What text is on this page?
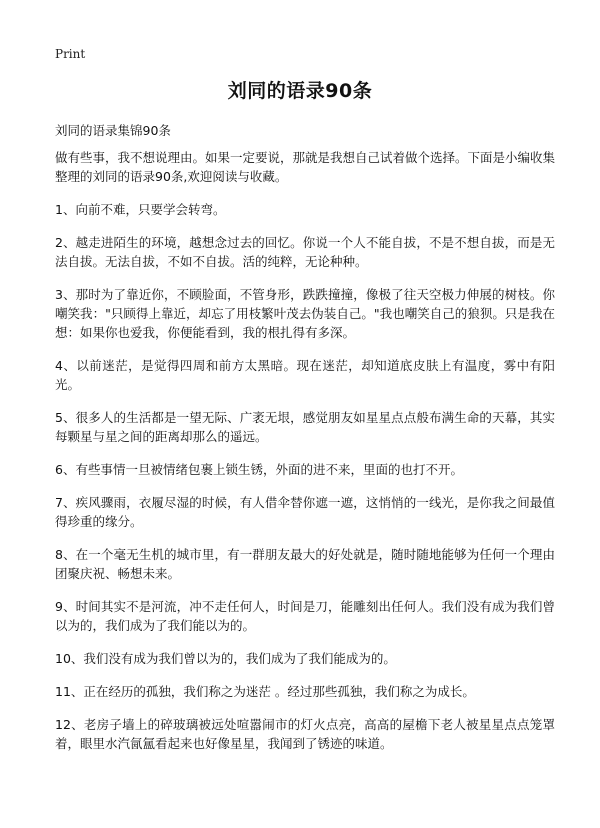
Print
刘同的语录90条

刘同的语录集锦90条

做有些事，我不想说理由。如果一定要说，那就是我想自己试着做个选择。下面是小编收集整理的刘同的语录90条,欢迎阅读与收藏。

1、向前不难，只要学会转弯。

2、越走进陌生的环境，越想念过去的回忆。你说一个人不能自拔，不是不想自拔，而是无法自拔。无法自拔，不如不自拔。活的纯粹，无论种种。

3、那时为了靠近你，不顾脸面，不管身形，跌跌撞撞，像极了往天空极力伸展的树枝。你嘲笑我："只顾得上靠近，却忘了用枝繁叶茂去伪装自己。"我也嘲笑自己的狼狈。只是我在想：如果你也爱我，你便能看到，我的根扎得有多深。

4、以前迷茫，是觉得四周和前方太黑暗。现在迷茫，却知道底皮肤上有温度，雾中有阳光。

5、很多人的生活都是一望无际、广袤无垠，感觉朋友如星星点点般布满生命的天幕，其实每颗星与星之间的距离却那么的遥远。

6、有些事情一旦被情绪包裹上锁生锈，外面的进不来，里面的也打不开。

7、疾风骤雨，衣履尽湿的时候，有人借伞替你遮一遮，这悄悄的一线光，是你我之间最值得珍重的缘分。

8、在一个毫无生机的城市里，有一群朋友最大的好处就是，随时随地能够为任何一个理由团聚庆祝、畅想未来。

9、时间其实不是河流，冲不走任何人，时间是刀，能雕刻出任何人。我们没有成为我们曾以为的，我们成为了我们能以为的。

10、我们没有成为我们曾以为的，我们成为了我们能成为的。

11、正在经历的孤独，我们称之为迷茫 。经过那些孤独，我们称之为成长。

12、老房子墙上的碎玻璃被远处喧嚣闹市的灯火点亮，高高的屋檐下老人被星星点点笼罩着，眼里水汽氤氲看起来也好像星星，我闻到了锈迹的味道。
